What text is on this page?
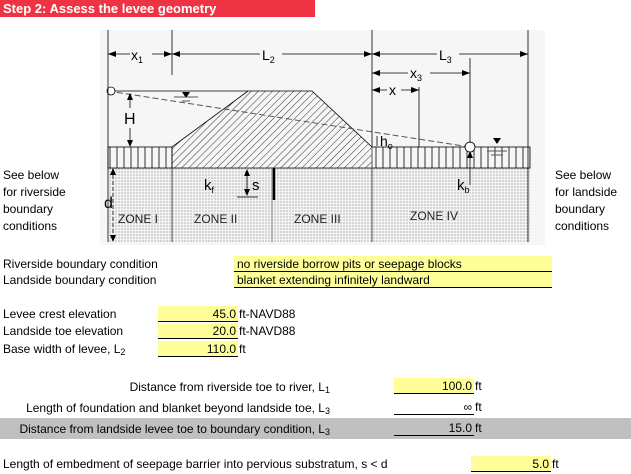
Step 2: Assess the levee geometry
$x_1$	$L_2$	$L_3$
$x_3$
x
H
$h_o$
d
s
$k_f$	$k_b$
ZONE I	ZONE II	ZONE III	ZONE IV
See below
for riverside
boundary
conditions
See below
for landside
boundary
conditions
Riverside boundary condition	no riverside borrow pits or seepage blocks
Landside boundary condition	blanket extending infinitely landward
Levee crest elevation	45.0 ft-NAVD88
Landside toe elevation	20.0 ft-NAVD88
Base width of levee, $L_2$	110.0 ft
Distance from riverside toe to river, $L_1$	100.0 ft
Length of foundation and blanket beyond landside toe, $L_3$	∞ ft
Distance from landside levee toe to boundary condition, $L_3$	15.0 ft
Length of embedment of seepage barrier into pervious substratum, s < d	5.0 ft
